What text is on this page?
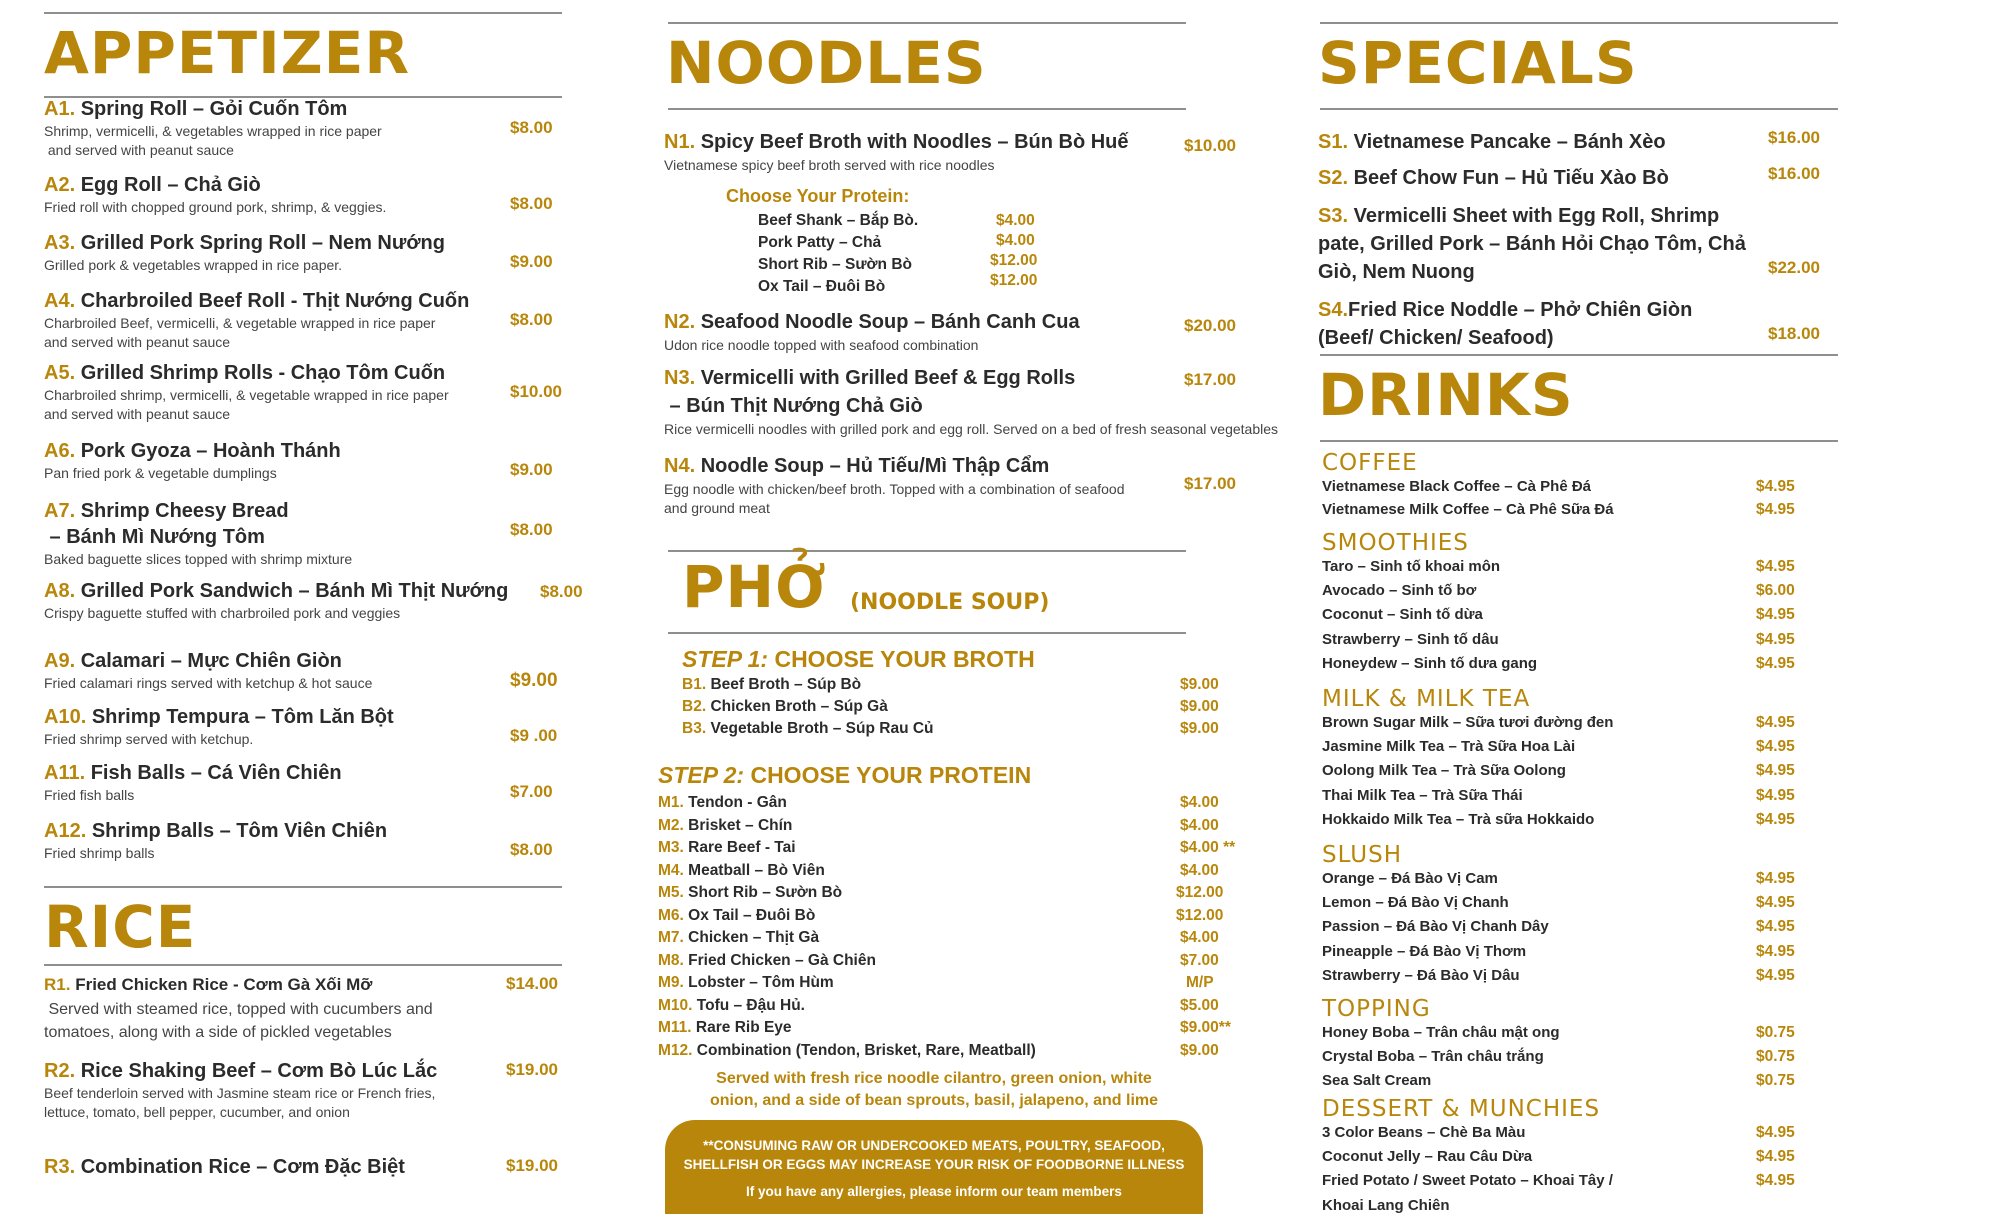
APPETIZER
A1. Spring Roll – Gỏi Cuốn Tôm
Shrimp, vermicelli, & vegetables wrapped in rice paper
and served with peanut sauce
$8.00
A2. Egg Roll – Chả Giò
Fried roll with chopped ground pork, shrimp, & veggies.	$8.00
A3. Grilled Pork Spring Roll – Nem Nướng
Grilled pork & vegetables wrapped in rice paper.	$9.00
A4. Charbroiled Beef Roll - Thịt Nướng Cuốn
Charbroiled Beef, vermicelli, & vegetable wrapped in rice paper
and served with peanut sauce
$8.00
A5. Grilled Shrimp Rolls - Chạo Tôm Cuốn
Charbroiled shrimp, vermicelli, & vegetable wrapped in rice paper
and served with peanut sauce
$10.00
A6. Pork Gyoza – Hoành Thánh
Pan fried pork & vegetable dumplings	$9.00
A7. Shrimp Cheesy Bread
– Bánh Mì Nướng Tôm
Baked baguette slices topped with shrimp mixture
$8.00
A8. Grilled Pork Sandwich – Bánh Mì Thịt Nướng
Crispy baguette stuffed with charbroiled pork and veggies
$8.00
A9. Calamari – Mực Chiên Giòn
Fried calamari rings served with ketchup & hot sauce	$9.00
A10. Shrimp Tempura – Tôm Lăn Bột
Fried shrimp served with ketchup.	$9 .00
A11. Fish Balls – Cá Viên Chiên
Fried fish balls	$7.00
A12. Shrimp Balls – Tôm Viên Chiên
Fried shrimp balls	$8.00
RICE
R1. Fried Chicken Rice - Cơm Gà Xối Mỡ
Served with steamed rice, topped with cucumbers and
tomatoes, along with a side of pickled vegetables
$14.00
R2. Rice Shaking Beef – Cơm Bò Lúc Lắc
Beef tenderloin served with Jasmine steam rice or French fries,
lettuce, tomato, bell pepper, cucumber, and onion
$19.00
R3. Combination Rice – Cơm Đặc Biệt	$19.00
NOODLES
N1. Spicy Beef Broth with Noodles – Bún Bò Huế
Vietnamese spicy beef broth served with rice noodles
$10.00
Choose Your Protein:
Beef Shank – Bắp Bò.	$4.00
Pork Patty – Chả	$4.00
Short Rib – Sườn Bò	$12.00
Ox Tail – Đuôi Bò	$12.00
N2. Seafood Noodle Soup – Bánh Canh Cua
Udon rice noodle topped with seafood combination
$20.00
N3. Vermicelli with Grilled Beef & Egg Rolls
– Bún Thịt Nướng Chả Giò
Rice vermicelli noodles with grilled pork and egg roll. Served on a bed of fresh seasonal vegetables
$17.00
N4. Noodle Soup – Hủ Tiếu/Mì Thập Cẩm
Egg noodle with chicken/beef broth. Topped with a combination of seafood
and ground meat
$17.00
PHỞ (NOODLE SOUP)
STEP 1: CHOOSE YOUR BROTH
B1. Beef Broth – Súp Bò	$9.00
B2. Chicken Broth – Súp Gà	$9.00
B3. Vegetable Broth – Súp Rau Củ	$9.00
STEP 2: CHOOSE YOUR PROTEIN
M1. Tendon - Gân	$4.00
M2. Brisket – Chín	$4.00
M3. Rare Beef - Tai	$4.00 **
M4. Meatball – Bò Viên	$4.00
M5. Short Rib – Sườn Bò	$12.00
M6. Ox Tail – Đuôi Bò	$12.00
M7. Chicken – Thịt Gà	$4.00
M8. Fried Chicken – Gà Chiên	$7.00
M9. Lobster – Tôm Hùm	M/P
M10. Tofu – Đậu Hủ.	$5.00
M11. Rare Rib Eye	$9.00**
M12. Combination (Tendon, Brisket, Rare, Meatball)	$9.00
Served with fresh rice noodle cilantro, green onion, white
onion, and a side of bean sprouts, basil, jalapeno, and lime
**CONSUMING RAW OR UNDERCOOKED MEATS, POULTRY, SEAFOOD,
SHELLFISH OR EGGS MAY INCREASE YOUR RISK OF FOODBORNE ILLNESS
If you have any allergies, please inform our team members
SPECIALS
S1. Vietnamese Pancake – Bánh Xèo	$16.00
S2. Beef Chow Fun – Hủ Tiếu Xào Bò	$16.00
S3. Vermicelli Sheet with Egg Roll, Shrimp
pate, Grilled Pork – Bánh Hỏi Chạo Tôm, Chả
Giò, Nem Nuong	$22.00
S4.Fried Rice Noddle – Phở Chiên Giòn
(Beef/ Chicken/ Seafood)	$18.00
DRINKS
COFFEE
Vietnamese Black Coffee – Cà Phê Đá	$4.95
Vietnamese Milk Coffee – Cà Phê Sữa Đá	$4.95
SMOOTHIES
Taro – Sinh tố khoai môn	$4.95
Avocado – Sinh tố bơ	$6.00
Coconut – Sinh tố dừa	$4.95
Strawberry – Sinh tố dâu	$4.95
Honeydew – Sinh tố dưa gang	$4.95
MILK & MILK TEA
Brown Sugar Milk – Sữa tươi đường đen	$4.95
Jasmine Milk Tea – Trà Sữa Hoa Lài	$4.95
Oolong Milk Tea – Trà Sữa Oolong	$4.95
Thai Milk Tea – Trà Sữa Thái	$4.95
Hokkaido Milk Tea – Trà sữa Hokkaido	$4.95
SLUSH
Orange – Đá Bào Vị Cam	$4.95
Lemon – Đá Bào Vị Chanh	$4.95
Passion – Đá Bào Vị Chanh Dây	$4.95
Pineapple – Đá Bào Vị Thơm	$4.95
Strawberry – Đá Bào Vị Dâu	$4.95
TOPPING
Honey Boba – Trân châu mật ong	$0.75
Crystal Boba – Trân châu trắng	$0.75
Sea Salt Cream	$0.75
DESSERT & MUNCHIES
3 Color Beans – Chè Ba Màu	$4.95
Coconut Jelly – Rau Câu Dừa	$4.95
Fried Potato / Sweet Potato – Khoai Tây /	$4.95
Khoai Lang Chiên
